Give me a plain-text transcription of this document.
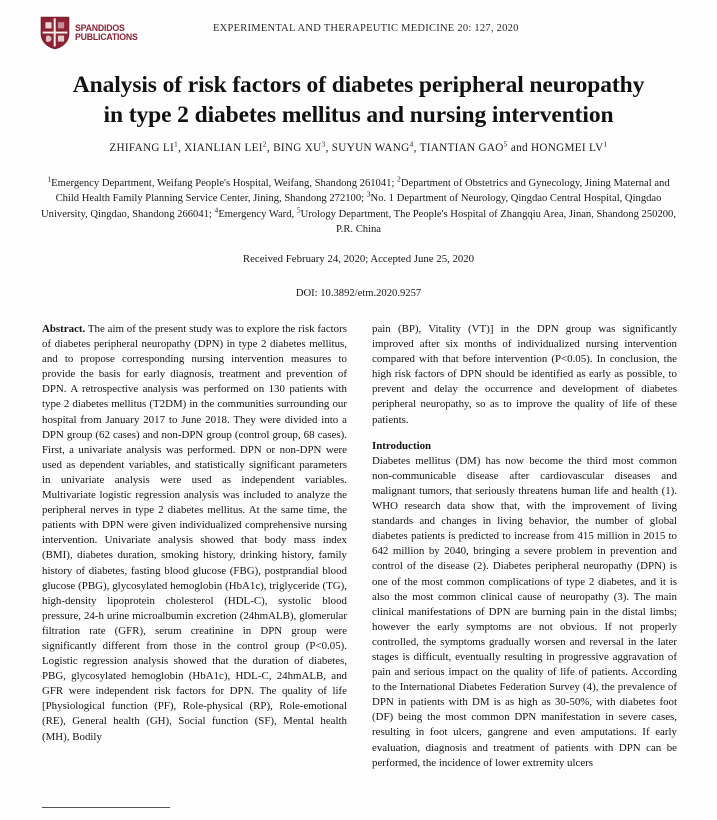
SPANDIDOS
PUBLICATIONS
EXPERIMENTAL AND THERAPEUTIC MEDICINE 20: 127, 2020
Analysis of risk factors of diabetes peripheral neuropathy
in type 2 diabetes mellitus and nursing intervention
ZHIFANG $LI^1$, XIANLIAN LEI$^2$, BING $XU^3$, SUYUN WANG$^4$, TIANTIAN GAO$^5$ and HONGMEI $LV^1$
$^1$Emergency Department, Weifang People's Hospital, Weifang, Shandong 261041; $^2$Department of Obstetrics and Gynecology, Jining Maternal and Child Health Family Planning Service Center, Jining, Shandong 272100; $^3$No. 1 Department of Neurology, Qingdao Central Hospital, Qingdao University, Qingdao, Shandong 266041; $^4$Emergency Ward, $^5$Urology Department, The People's Hospital of Zhangqiu Area, Jinan, Shandong 250200, P.R. China
Received February 24, 2020; Accepted June 25, 2020
DOI: 10.3892/etm.2020.9257

Abstract. The aim of the present study was to explore the risk factors of diabetes peripheral neuropathy (DPN) in type 2 diabetes mellitus, and to propose corresponding nursing intervention measures to provide the basis for early diagnosis, treatment and prevention of DPN. A retrospective analysis was performed on 130 patients with type 2 diabetes mellitus (T2DM) in the communities surrounding our hospital from January 2017 to June 2018. They were divided into a DPN group (62 cases) and non-DPN group (control group, 68 cases). First, a univariate analysis was performed. DPN or non-DPN were used as dependent variables, and statistically significant parameters in univariate analysis were used as independent variables. Multivariate logistic regression analysis was included to analyze the peripheral nerves in type 2 diabetes mellitus. At the same time, the patients with DPN were given individualized comprehensive nursing intervention. Univariate analysis showed that body mass index (BMI), diabetes duration, smoking history, drinking history, family history of diabetes, fasting blood glucose (FBG), postprandial blood glucose (PBG), glycosylated hemoglobin (HbA1c), triglyceride (TG), high-density lipoprotein cholesterol (HDL-C), systolic blood pressure, 24-h urine microalbumin excretion (24hmALB), glomerular filtration rate (GFR), serum creatinine in DPN group were significantly different from those in the control group (P<0.05). Logistic regression analysis showed that the duration of diabetes, PBG, glycosylated hemoglobin (HbA1c), HDL-C, 24hmALB, and GFR were independent risk factors for DPN. The quality of life [Physiological function (PF), Role-physical (RP), Role-emotional (RE), General health (GH), Social function (SF), Mental health (MH), Bodily

pain (BP), Vitality (VT)] in the DPN group was significantly improved after six months of individualized nursing intervention compared with that before intervention (P<0.05). In conclusion, the high risk factors of DPN should be identified as early as possible, to prevent and delay the occurrence and development of diabetes peripheral neuropathy, so as to improve the quality of life of these patients.

Introduction

Diabetes mellitus (DM) has now become the third most common non-communicable disease after cardiovascular diseases and malignant tumors, that seriously threatens human life and health (1). WHO research data show that, with the improvement of living standards and changes in living behavior, the number of global diabetes patients is predicted to increase from 415 million in 2015 to 642 million by 2040, bringing a severe problem in prevention and control of the disease (2). Diabetes peripheral neuropathy (DPN) is one of the most common complications of type 2 diabetes, and it is also the most common clinical cause of neuropathy (3). The main clinical manifestations of DPN are burning pain in the distal limbs; however the early symptoms are not obvious. If not properly controlled, the symptoms gradually worsen and reversal in the later stages is difficult, eventually resulting in progressive aggravation of pain and serious impact on the quality of life of patients. According to the International Diabetes Federation Survey (4), the prevalence of DPN in patients with DM is as high as 30-50%, with diabetes foot (DF) being the most common DPN manifestation in severe cases, resulting in foot ulcers, gangrene and even amputations. If early evaluation, diagnosis and treatment of patients with DPN can be performed, the incidence of lower extremity ulcers
